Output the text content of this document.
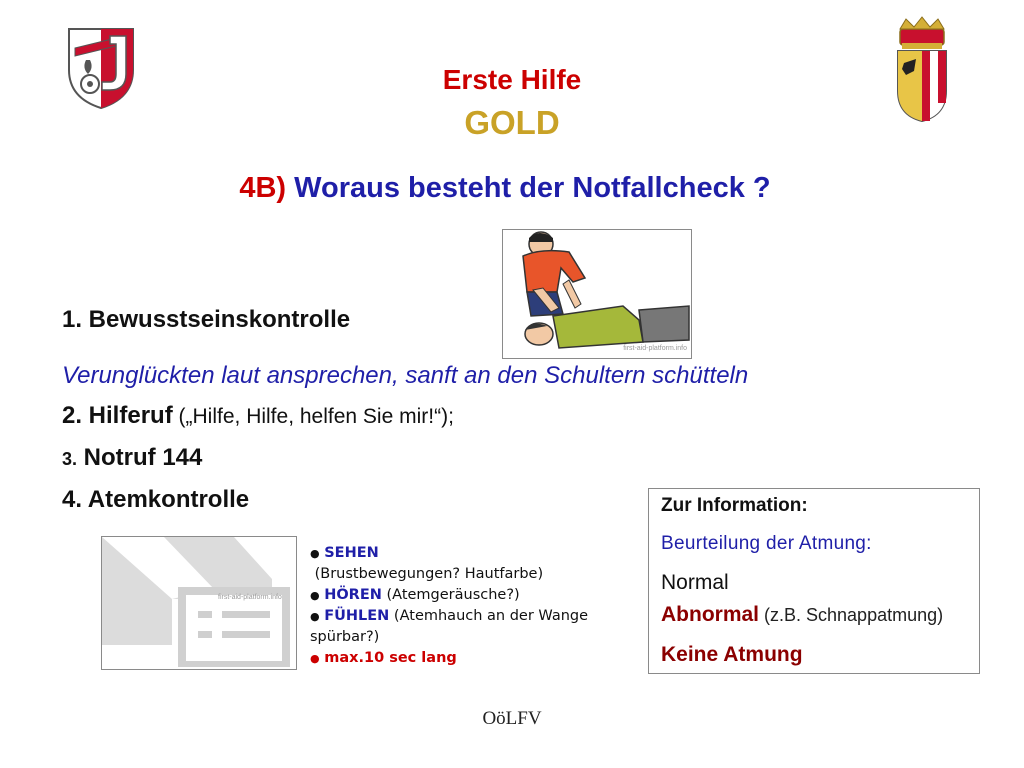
Erste Hilfe
GOLD
4B) Woraus besteht der Notfallcheck ?
first-aid-platform.info
1. Bewusstseinskontrolle
Verunglückten laut ansprechen, sanft an den Schultern schütteln
2. Hilferuf („Hilfe, Hilfe, helfen Sie mir!“);
3. Notruf 144
4. Atemkontrolle
first-aid-platform.info
● SEHEN
(Brustbewegungen? Hautfarbe)
● HÖREN (Atemgeräusche?)
● FÜHLEN (Atemhauch an der Wange spürbar?)
● max.10 sec lang
Zur Information:
Beurteilung der Atmung:
Normal
Abnormal (z.B. Schnappatmung)
Keine Atmung
OöLFV
